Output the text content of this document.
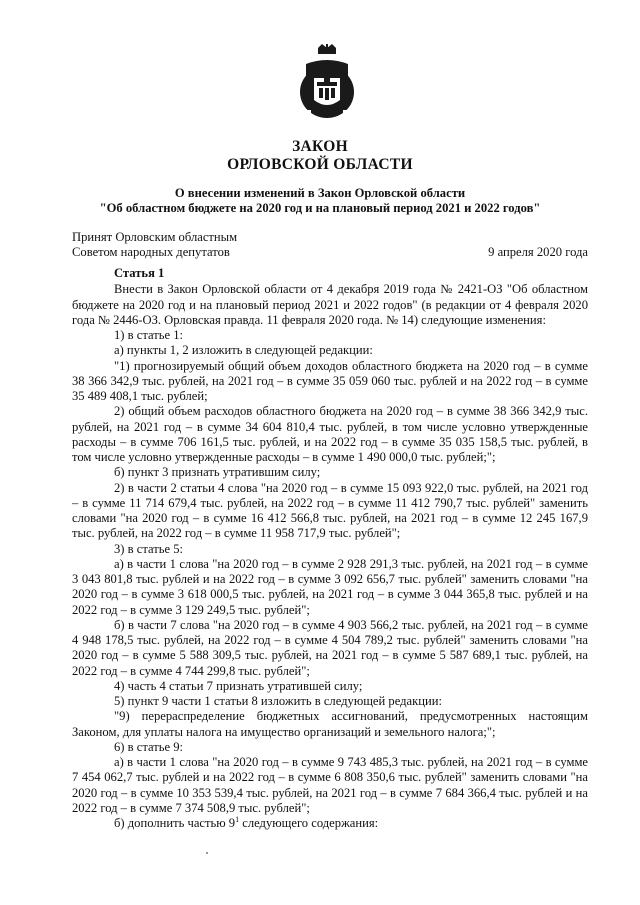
ЗАКОН
ОРЛОВСКОЙ ОБЛАСТИ
О внесении изменений в Закон Орловской области
"Об областном бюджете на 2020 год и на плановый период 2021 и 2022 годов"
Принят Орловским областным
Советом народных депутатов	9 апреля 2020 года

Статья 1

Внести в Закон Орловской области от 4 декабря 2019 года № 2421-ОЗ "Об областном бюджете на 2020 год и на плановый период 2021 и 2022 годов" (в редакции от 4 февраля 2020 года № 2446-ОЗ. Орловская правда. 11 февраля 2020 года. № 14) следующие изменения:

1) в статье 1:

а) пункты 1, 2 изложить в следующей редакции:

"1) прогнозируемый общий объем доходов областного бюджета на 2020 год – в сумме 38 366 342,9 тыс. рублей, на 2021 год – в сумме 35 059 060 тыс. рублей и на 2022 год – в сумме 35 489 408,1 тыс. рублей;

2) общий объем расходов областного бюджета на 2020 год – в сумме 38 366 342,9 тыс. рублей, на 2021 год – в сумме 34 604 810,4 тыс. рублей, в том числе условно утвержденные расходы – в сумме 706 161,5 тыс. рублей, и на 2022 год – в сумме 35 035 158,5 тыс. рублей, в том числе условно утвержденные расходы – в сумме 1 490 000,0 тыс. рублей;";

б) пункт 3 признать утратившим силу;

2) в части 2 статьи 4 слова "на 2020 год – в сумме 15 093 922,0 тыс. рублей, на 2021 год – в сумме 11 714 679,4 тыс. рублей, на 2022 год – в сумме 11 412 790,7 тыс. рублей" заменить словами "на 2020 год – в сумме 16 412 566,8 тыс. рублей, на 2021 год – в сумме 12 245 167,9 тыс. рублей, на 2022 год – в сумме 11 958 717,9 тыс. рублей";

3) в статье 5:

а) в части 1 слова "на 2020 год – в сумме 2 928 291,3 тыс. рублей, на 2021 год – в сумме 3 043 801,8 тыс. рублей и на 2022 год – в сумме 3 092 656,7 тыс. рублей" заменить словами "на 2020 год – в сумме 3 618 000,5 тыс. рублей, на 2021 год – в сумме 3 044 365,8 тыс. рублей и на 2022 год – в сумме 3 129 249,5 тыс. рублей";

б) в части 7 слова "на 2020 год – в сумме 4 903 566,2 тыс. рублей, на 2021 год – в сумме 4 948 178,5 тыс. рублей, на 2022 год – в сумме 4 504 789,2 тыс. рублей" заменить словами "на 2020 год – в сумме 5 588 309,5 тыс. рублей, на 2021 год – в сумме 5 587 689,1 тыс. рублей, на 2022 год – в сумме 4 744 299,8 тыс. рублей";

4) часть 4 статьи 7 признать утратившей силу;

5) пункт 9 части 1 статьи 8 изложить в следующей редакции:

"9) перераспределение бюджетных ассигнований, предусмотренных настоящим Законом, для уплаты налога на имущество организаций и земельного налога;";

6) в статье 9:

а) в части 1 слова "на 2020 год – в сумме 9 743 485,3 тыс. рублей, на 2021 год – в сумме 7 454 062,7 тыс. рублей и на 2022 год – в сумме 6 808 350,6 тыс. рублей" заменить словами "на 2020 год – в сумме 10 353 539,4 тыс. рублей, на 2021 год – в сумме 7 684 366,4 тыс. рублей и на 2022 год – в сумме 7 374 508,9 тыс. рублей";

б) дополнить частью $9^1$ следующего содержания:
